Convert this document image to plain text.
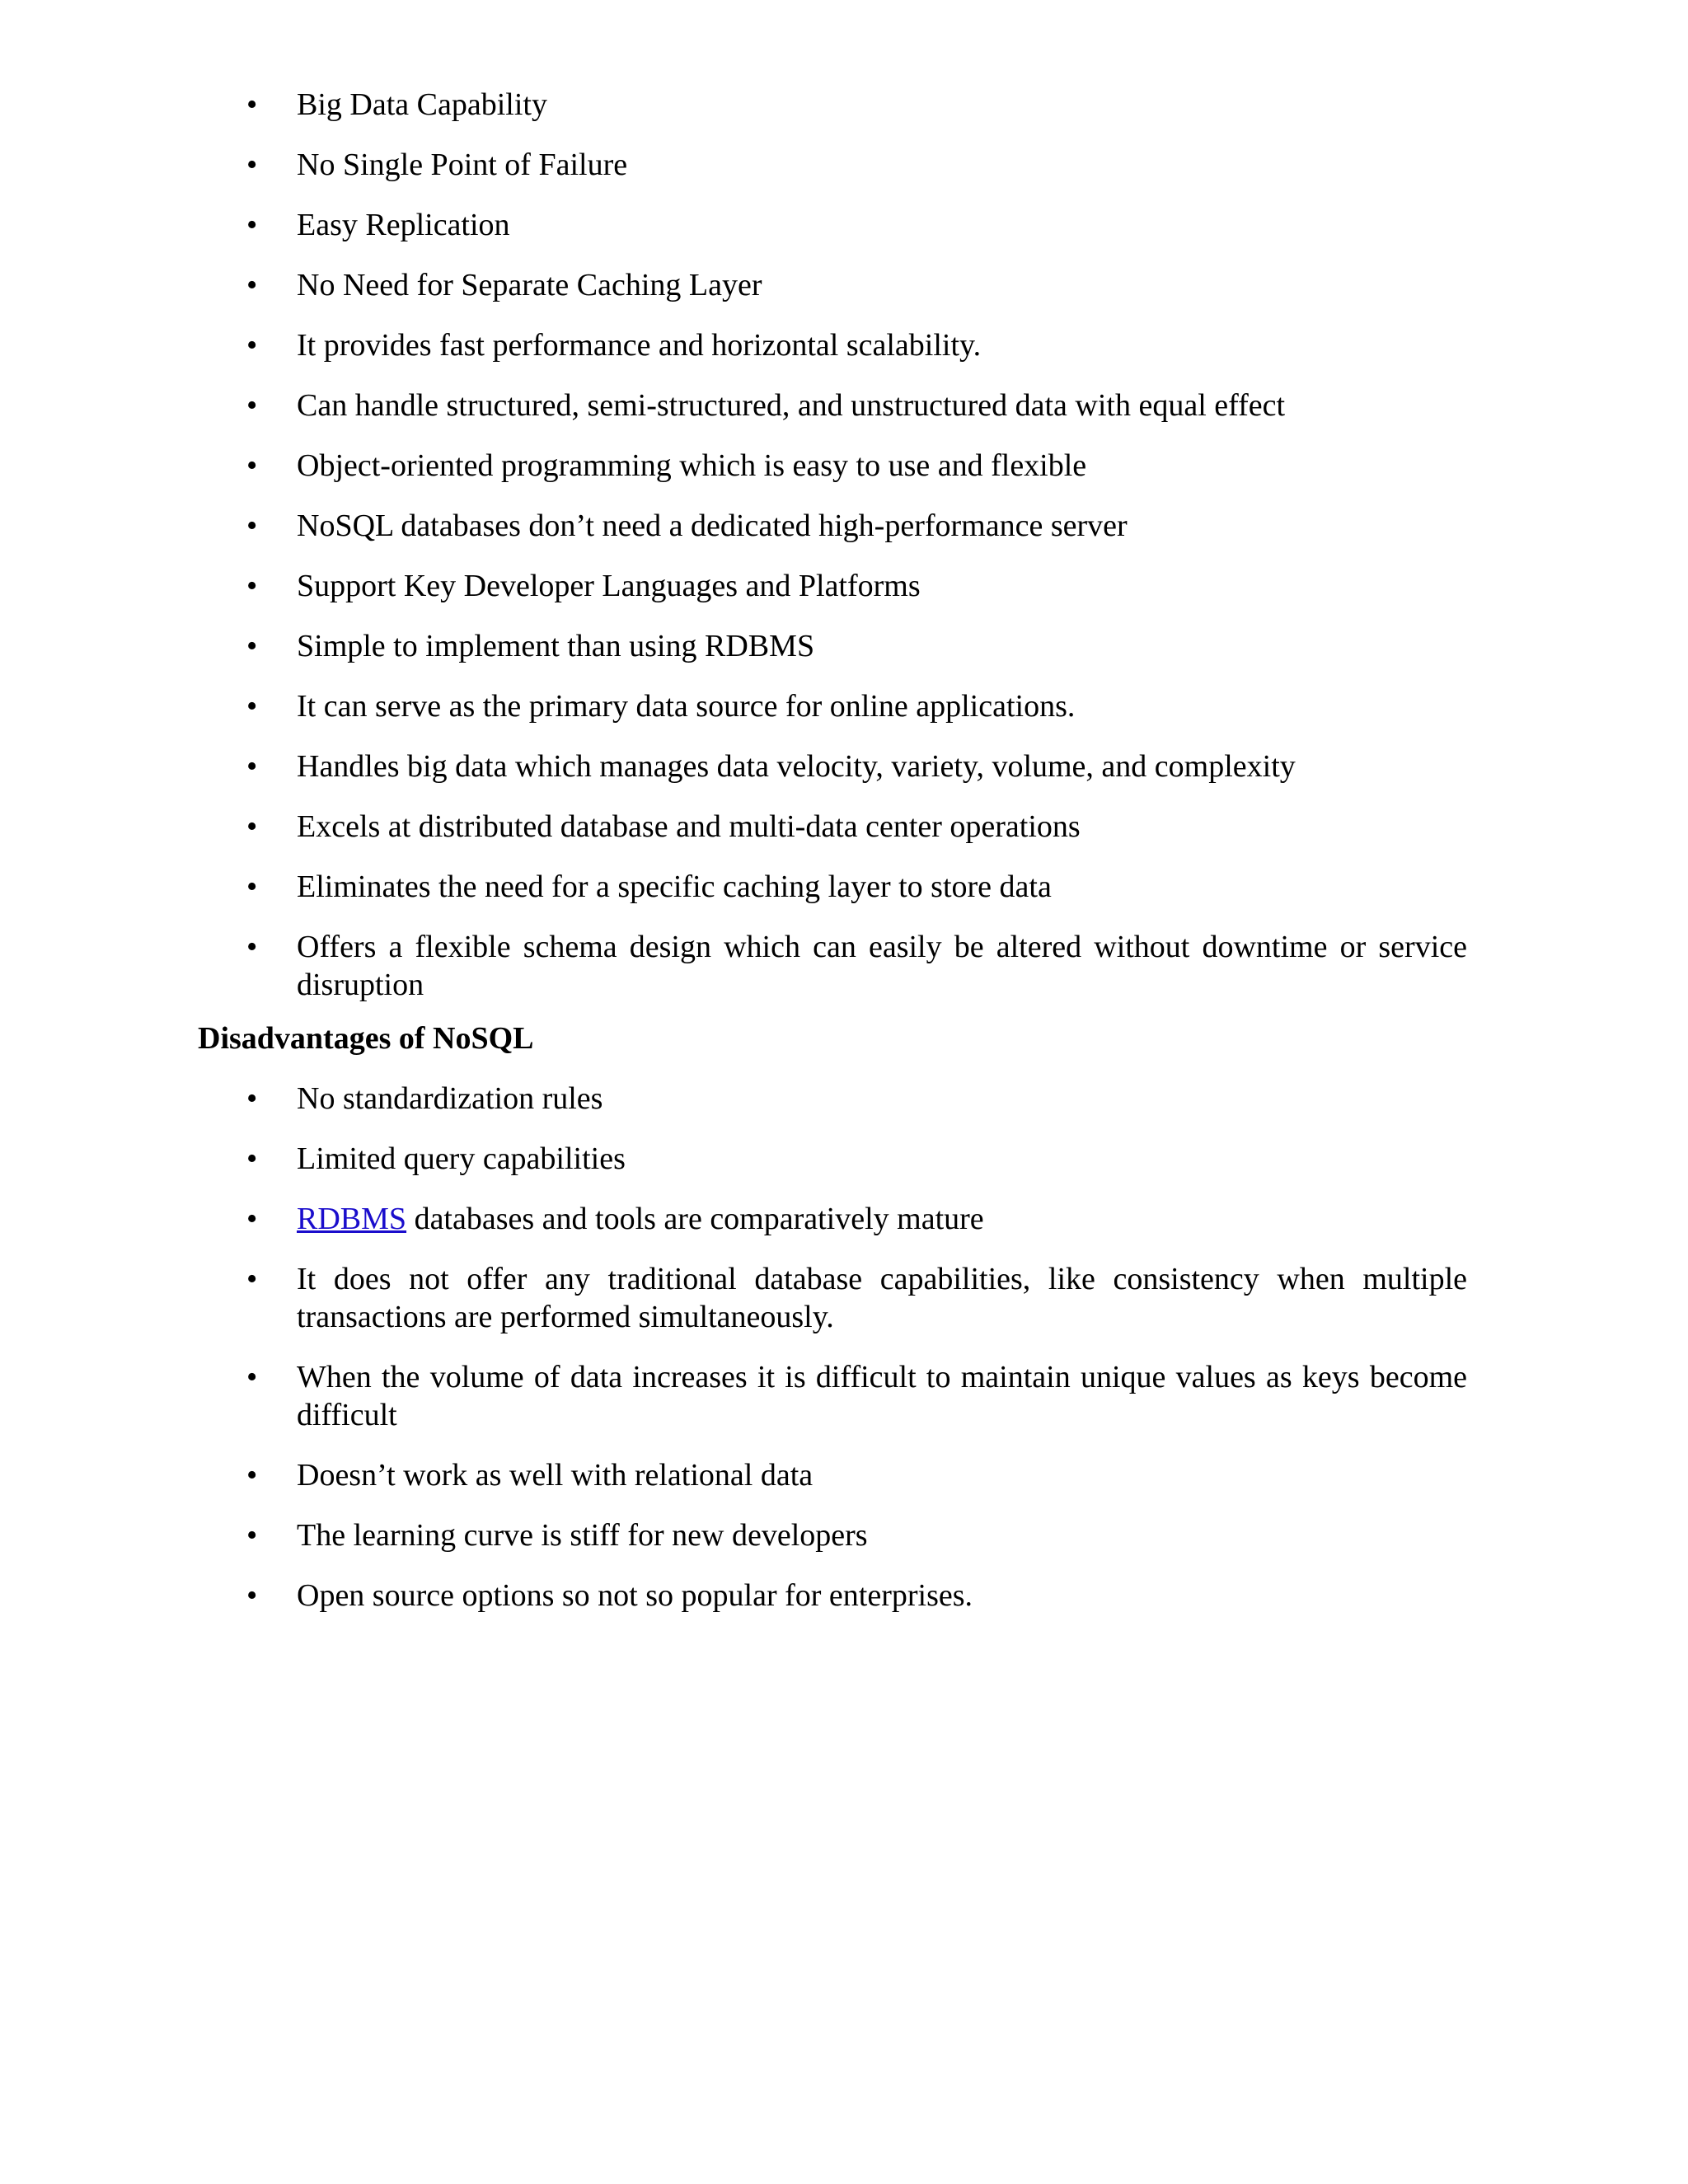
• Big Data Capability
• No Single Point of Failure
• Easy Replication
• No Need for Separate Caching Layer
• It provides fast performance and horizontal scalability.
• Can handle structured, semi-structured, and unstructured data with equal effect
• Object-oriented programming which is easy to use and flexible
• NoSQL databases don’t need a dedicated high-performance server
• Support Key Developer Languages and Platforms
• Simple to implement than using RDBMS
• It can serve as the primary data source for online applications.
• Handles big data which manages data velocity, variety, volume, and complexity
• Excels at distributed database and multi-data center operations
• Eliminates the need for a specific caching layer to store data
• Offers a flexible schema design which can easily be altered without downtime or service disruption
Disadvantages of NoSQL
• No standardization rules
• Limited query capabilities
• RDBMS databases and tools are comparatively mature
• It does not offer any traditional database capabilities, like consistency when multiple transactions are performed simultaneously.
• When the volume of data increases it is difficult to maintain unique values as keys become difficult
• Doesn’t work as well with relational data
• The learning curve is stiff for new developers
• Open source options so not so popular for enterprises.
